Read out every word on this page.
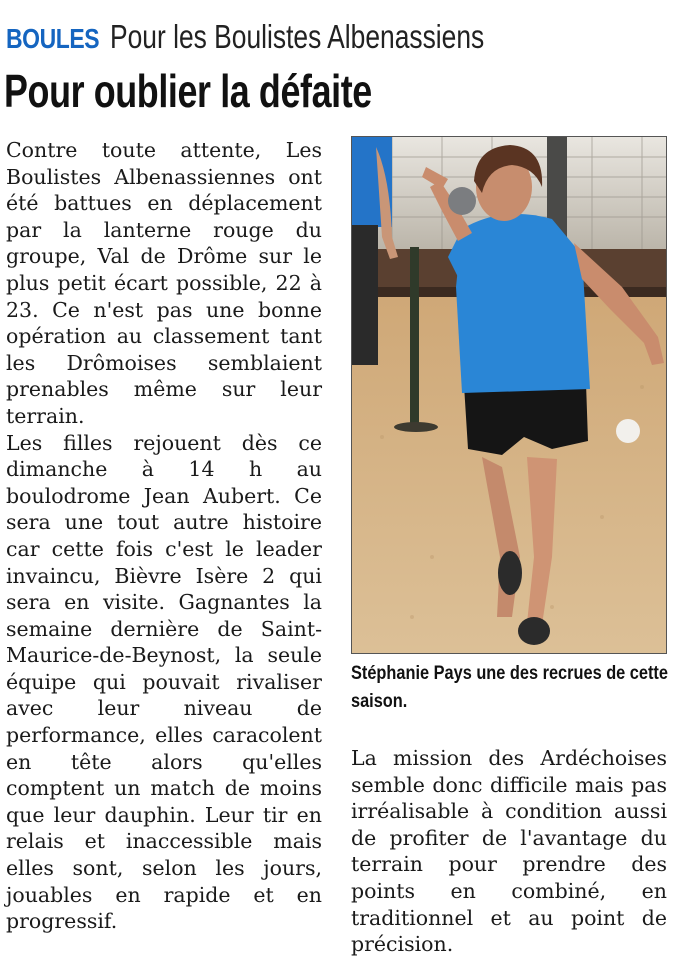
BOULES Pour les Boulistes Albenassiens
Pour oublier la défaite

Contre toute attente, Les Boulistes Albenassiennes ont été battues en déplacement par la lanterne rouge du groupe, Val de Drôme sur le plus petit écart possible, 22 à 23. Ce n'est pas une bonne opération au classement tant les Drômoises semblaient prenables même sur leur terrain.

Les filles rejouent dès ce dimanche à 14 h au boulodrome Jean Aubert. Ce sera une tout autre histoire car cette fois c'est le leader invaincu, Bièvre Isère 2 qui sera en visite. Gagnantes la semaine dernière de Saint-Maurice-de-Beynost, la seule équipe qui pouvait rivaliser avec leur niveau de performance, elles caracolent en tête alors qu'elles comptent un match de moins que leur dauphin. Leur tir en relais et inaccessible mais elles sont, selon les jours, jouables en rapide et en progressif.

Stéphanie Pays une des recrues de cette saison.

La mission des Ardéchoises semble donc difficile mais pas irréalisable à condition aussi de profiter de l'avantage du terrain pour prendre des points en combiné, en traditionnel et au point de précision.
